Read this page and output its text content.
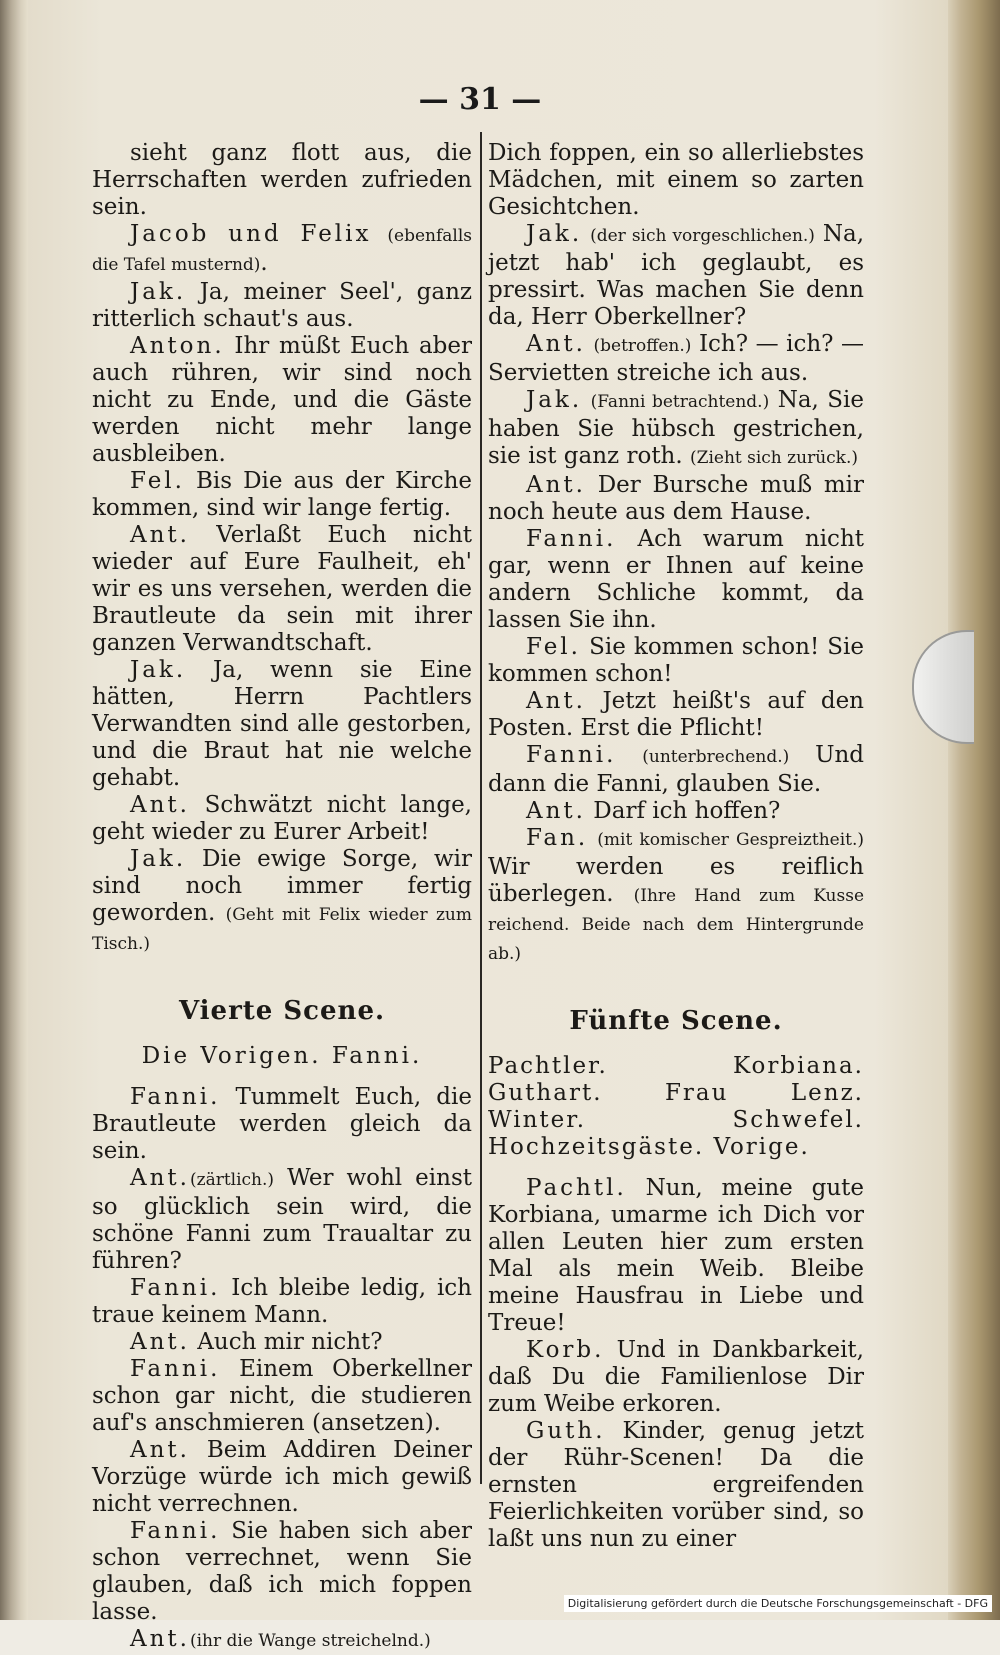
— 31 —

sieht ganz flott aus, die Herrschaften werden zufrieden sein.

Jacob und Felix (ebenfalls die Tafel musternd).

Jak. Ja, meiner Seel', ganz ritterlich schaut's aus.

Anton. Ihr müßt Euch aber auch rühren, wir sind noch nicht zu Ende, und die Gäste werden nicht mehr lange ausbleiben.

Fel. Bis Die aus der Kirche kommen, sind wir lange fertig.

Ant. Verlaßt Euch nicht wieder auf Eure Faulheit, eh' wir es uns versehen, werden die Brautleute da sein mit ihrer ganzen Verwandtschaft.

Jak. Ja, wenn sie Eine hätten, Herrn Pachtlers Verwandten sind alle gestorben, und die Braut hat nie welche gehabt.

Ant. Schwätzt nicht lange, geht wieder zu Eurer Arbeit!

Jak. Die ewige Sorge, wir sind noch immer fertig geworden. (Geht mit Felix wieder zum Tisch.)

Vierte Scene.

Die Vorigen. Fanni.

Fanni. Tummelt Euch, die Brautleute werden gleich da sein.

Ant.(zärtlich.) Wer wohl einst so glücklich sein wird, die schöne Fanni zum Traualtar zu führen?

Fanni. Ich bleibe ledig, ich traue keinem Mann.

Ant. Auch mir nicht?

Fanni. Einem Oberkellner schon gar nicht, die studieren auf's anschmieren (ansetzen).

Ant. Beim Addiren Deiner Vorzüge würde ich mich gewiß nicht verrechnen.

Fanni. Sie haben sich aber schon verrechnet, wenn Sie glauben, daß ich mich foppen lasse.

Ant.(ihr die Wange streichelnd.)

Dich foppen, ein so allerliebstes Mädchen, mit einem so zarten Gesichtchen.

Jak. (der sich vorgeschlichen.) Na, jetzt hab' ich geglaubt, es pressirt. Was machen Sie denn da, Herr Oberkellner?

Ant. (betroffen.) Ich? — ich? — Servietten streiche ich aus.

Jak. (Fanni betrachtend.) Na, Sie haben Sie hübsch gestrichen, sie ist ganz roth. (Zieht sich zurück.)

Ant. Der Bursche muß mir noch heute aus dem Hause.

Fanni. Ach warum nicht gar, wenn er Ihnen auf keine andern Schliche kommt, da lassen Sie ihn.

Fel. Sie kommen schon! Sie kommen schon!

Ant. Jetzt heißt's auf den Posten. Erst die Pflicht!

Fanni. (unterbrechend.) Und dann die Fanni, glauben Sie.

Ant. Darf ich hoffen?

Fan. (mit komischer Gespreiztheit.) Wir werden es reiflich überlegen. (Ihre Hand zum Kusse reichend. Beide nach dem Hintergrunde ab.)

Fünfte Scene.

Pachtler. Korbiana. Guthart. Frau Lenz. Winter. Schwefel. Hochzeitsgäste. Vorige.

Pachtl. Nun, meine gute Korbiana, umarme ich Dich vor allen Leuten hier zum ersten Mal als mein Weib. Bleibe meine Hausfrau in Liebe und Treue!

Korb. Und in Dankbarkeit, daß Du die Familienlose Dir zum Weibe erkoren.

Guth. Kinder, genug jetzt der Rühr-Scenen! Da die ernsten ergreifenden Feierlichkeiten vorüber sind, so laßt uns nun zu einer

Digitalisierung gefördert durch die Deutsche Forschungsgemeinschaft - DFG
